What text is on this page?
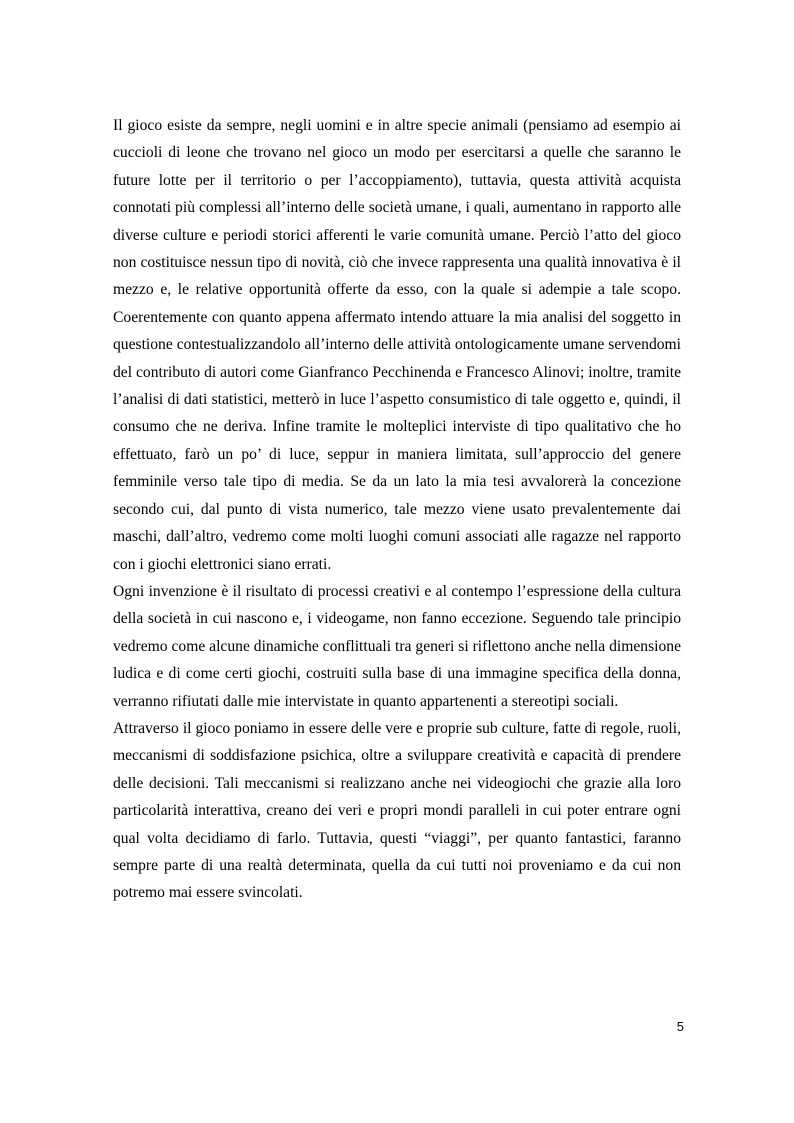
Il gioco esiste da sempre, negli uomini e in altre specie animali (pensiamo ad esempio ai cuccioli di leone che trovano nel gioco un modo per esercitarsi a quelle che saranno le future lotte per il territorio o per l’accoppiamento), tuttavia, questa attività acquista connotati più complessi all’interno delle società umane, i quali, aumentano in rapporto alle diverse culture e periodi storici afferenti le varie comunità umane. Perciò l’atto del gioco non costituisce nessun tipo di novità, ciò che invece rappresenta una qualità innovativa è il mezzo e, le relative opportunità offerte da esso, con la quale si adempie a tale scopo. Coerentemente con quanto appena affermato intendo attuare la mia analisi del soggetto in questione contestualizzandolo all’interno delle attività ontologicamente umane servendomi del contributo di autori come Gianfranco Pecchinenda e Francesco Alinovi; inoltre, tramite l’analisi di dati statistici, metterò in luce l’aspetto consumistico di tale oggetto e, quindi, il consumo che ne deriva. Infine tramite le molteplici interviste di tipo qualitativo che ho effettuato, farò un po’ di luce, seppur in maniera limitata, sull’approccio del genere femminile verso tale tipo di media. Se da un lato la mia tesi avvalorerà la concezione secondo cui, dal punto di vista numerico, tale mezzo viene usato prevalentemente dai maschi, dall’altro, vedremo come molti luoghi comuni associati alle ragazze nel rapporto con i giochi elettronici siano errati.

Ogni invenzione è il risultato di processi creativi e al contempo l’espressione della cultura della società in cui nascono e, i videogame, non fanno eccezione. Seguendo tale principio vedremo come alcune dinamiche conflittuali tra generi si riflettono anche nella dimensione ludica e di come certi giochi, costruiti sulla base di una immagine specifica della donna, verranno rifiutati dalle mie intervistate in quanto appartenenti a stereotipi sociali.

Attraverso il gioco poniamo in essere delle vere e proprie sub culture, fatte di regole, ruoli, meccanismi di soddisfazione psichica, oltre a sviluppare creatività e capacità di prendere delle decisioni. Tali meccanismi si realizzano anche nei videogiochi che grazie alla loro particolarità interattiva, creano dei veri e propri mondi paralleli in cui poter entrare ogni qual volta decidiamo di farlo. Tuttavia, questi “viaggi”, per quanto fantastici, faranno sempre parte di una realtà determinata, quella da cui tutti noi proveniamo e da cui non potremo mai essere svincolati.

5
